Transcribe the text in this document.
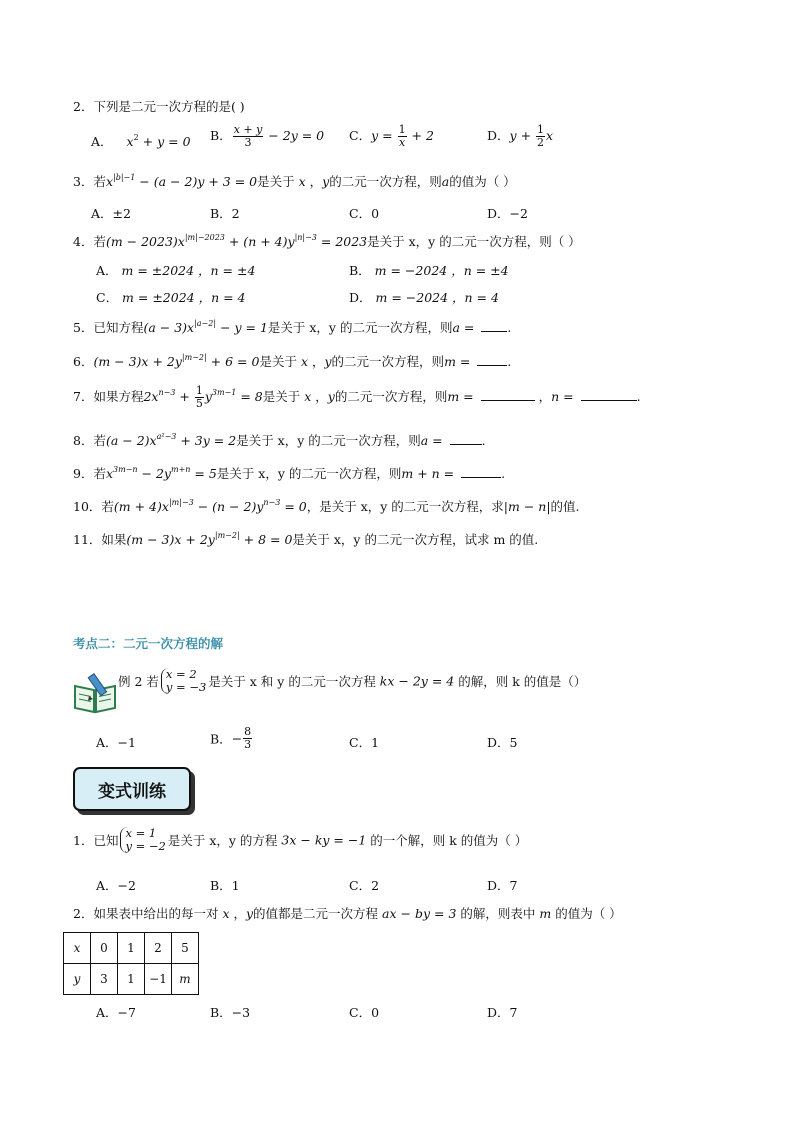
2．下列是二元一次方程的是( )
A． $x^2 + y = 0$ B． $\frac{x + y}{3} - 2y = 0$ C．$y = \frac{1}{x} + 2$	D．$y + \frac{1}{2}$ x
3．若$x^{|b|-1} - (a - 2)y + 3 = 0$是关于 x ，y的二元一次方程，则a的值为（ ）
A．±2	B．2	C．0	D．−2
4．若$(m - 2023)x^{|m|-2023} + (n + 4)y^{|n|-3} = 2023$是关于 x，y 的二元一次方程，则（ ）
A． m = ±2024 ，n = ±4	B． m = −2024 ，n = ±4
C． m = ±2024 ，n = 4	D． m = −2024 ，n = 4
5．已知方程$(a - 3)x^{|a-2|} - y = 1$是关于 x，y 的二元一次方程，则a = .
6．$(m - 3)x + 2y^{|m-2|} + 6 = 0$是关于 x ，y的二元一次方程，则m =	.
7．如果方程$2x^{n-3} + \frac{1}{5} y^{3m-1} = 8$是关于 x ，y的二元一次方程，则m =	，n =	.
8．若$(a - 2)x^{a^2-3} + 3y = 2$是关于 x，y 的二元一次方程，则a =	.
9．若$x^{3m-n} - 2y^{m+n} = 5$是关于 x，y 的二元一次方程，则m + n =	.
10．若$(m + 4)x^{|m|-3} - (n - 2)y^{n-3} = 0$，是关于 x，y 的二元一次方程，求|m − n|的值.
11．如果$(m - 3)x + 2y^{|m-2|} + 8 = 0$是关于 x，y 的二元一次方程，试求 m 的值.
考点二：二元一次方程的解
例 2 若 x = 2
y = −3 是关于 x 和 y 的二元一次方程 kx − 2y = 4 的解，则 k 的值是（）
A．−1	B．− $\frac{8}{3}$	C．1	D．5
变式训练
1．已知 x = 1
y = −2 是关于 x，y 的方程 3x − ky = −1 的一个解，则 k 的值为（ ）
A．−2	B．1	C．2	D．7
2．如果表中给出的每一对 x ，y的值都是二元一次方程 ax − by = 3 的解，则表中 m 的值为（ ）
x	0	1	2	5
y	3	1	−1	m
A．−7	B．−3	C．0	D．7
